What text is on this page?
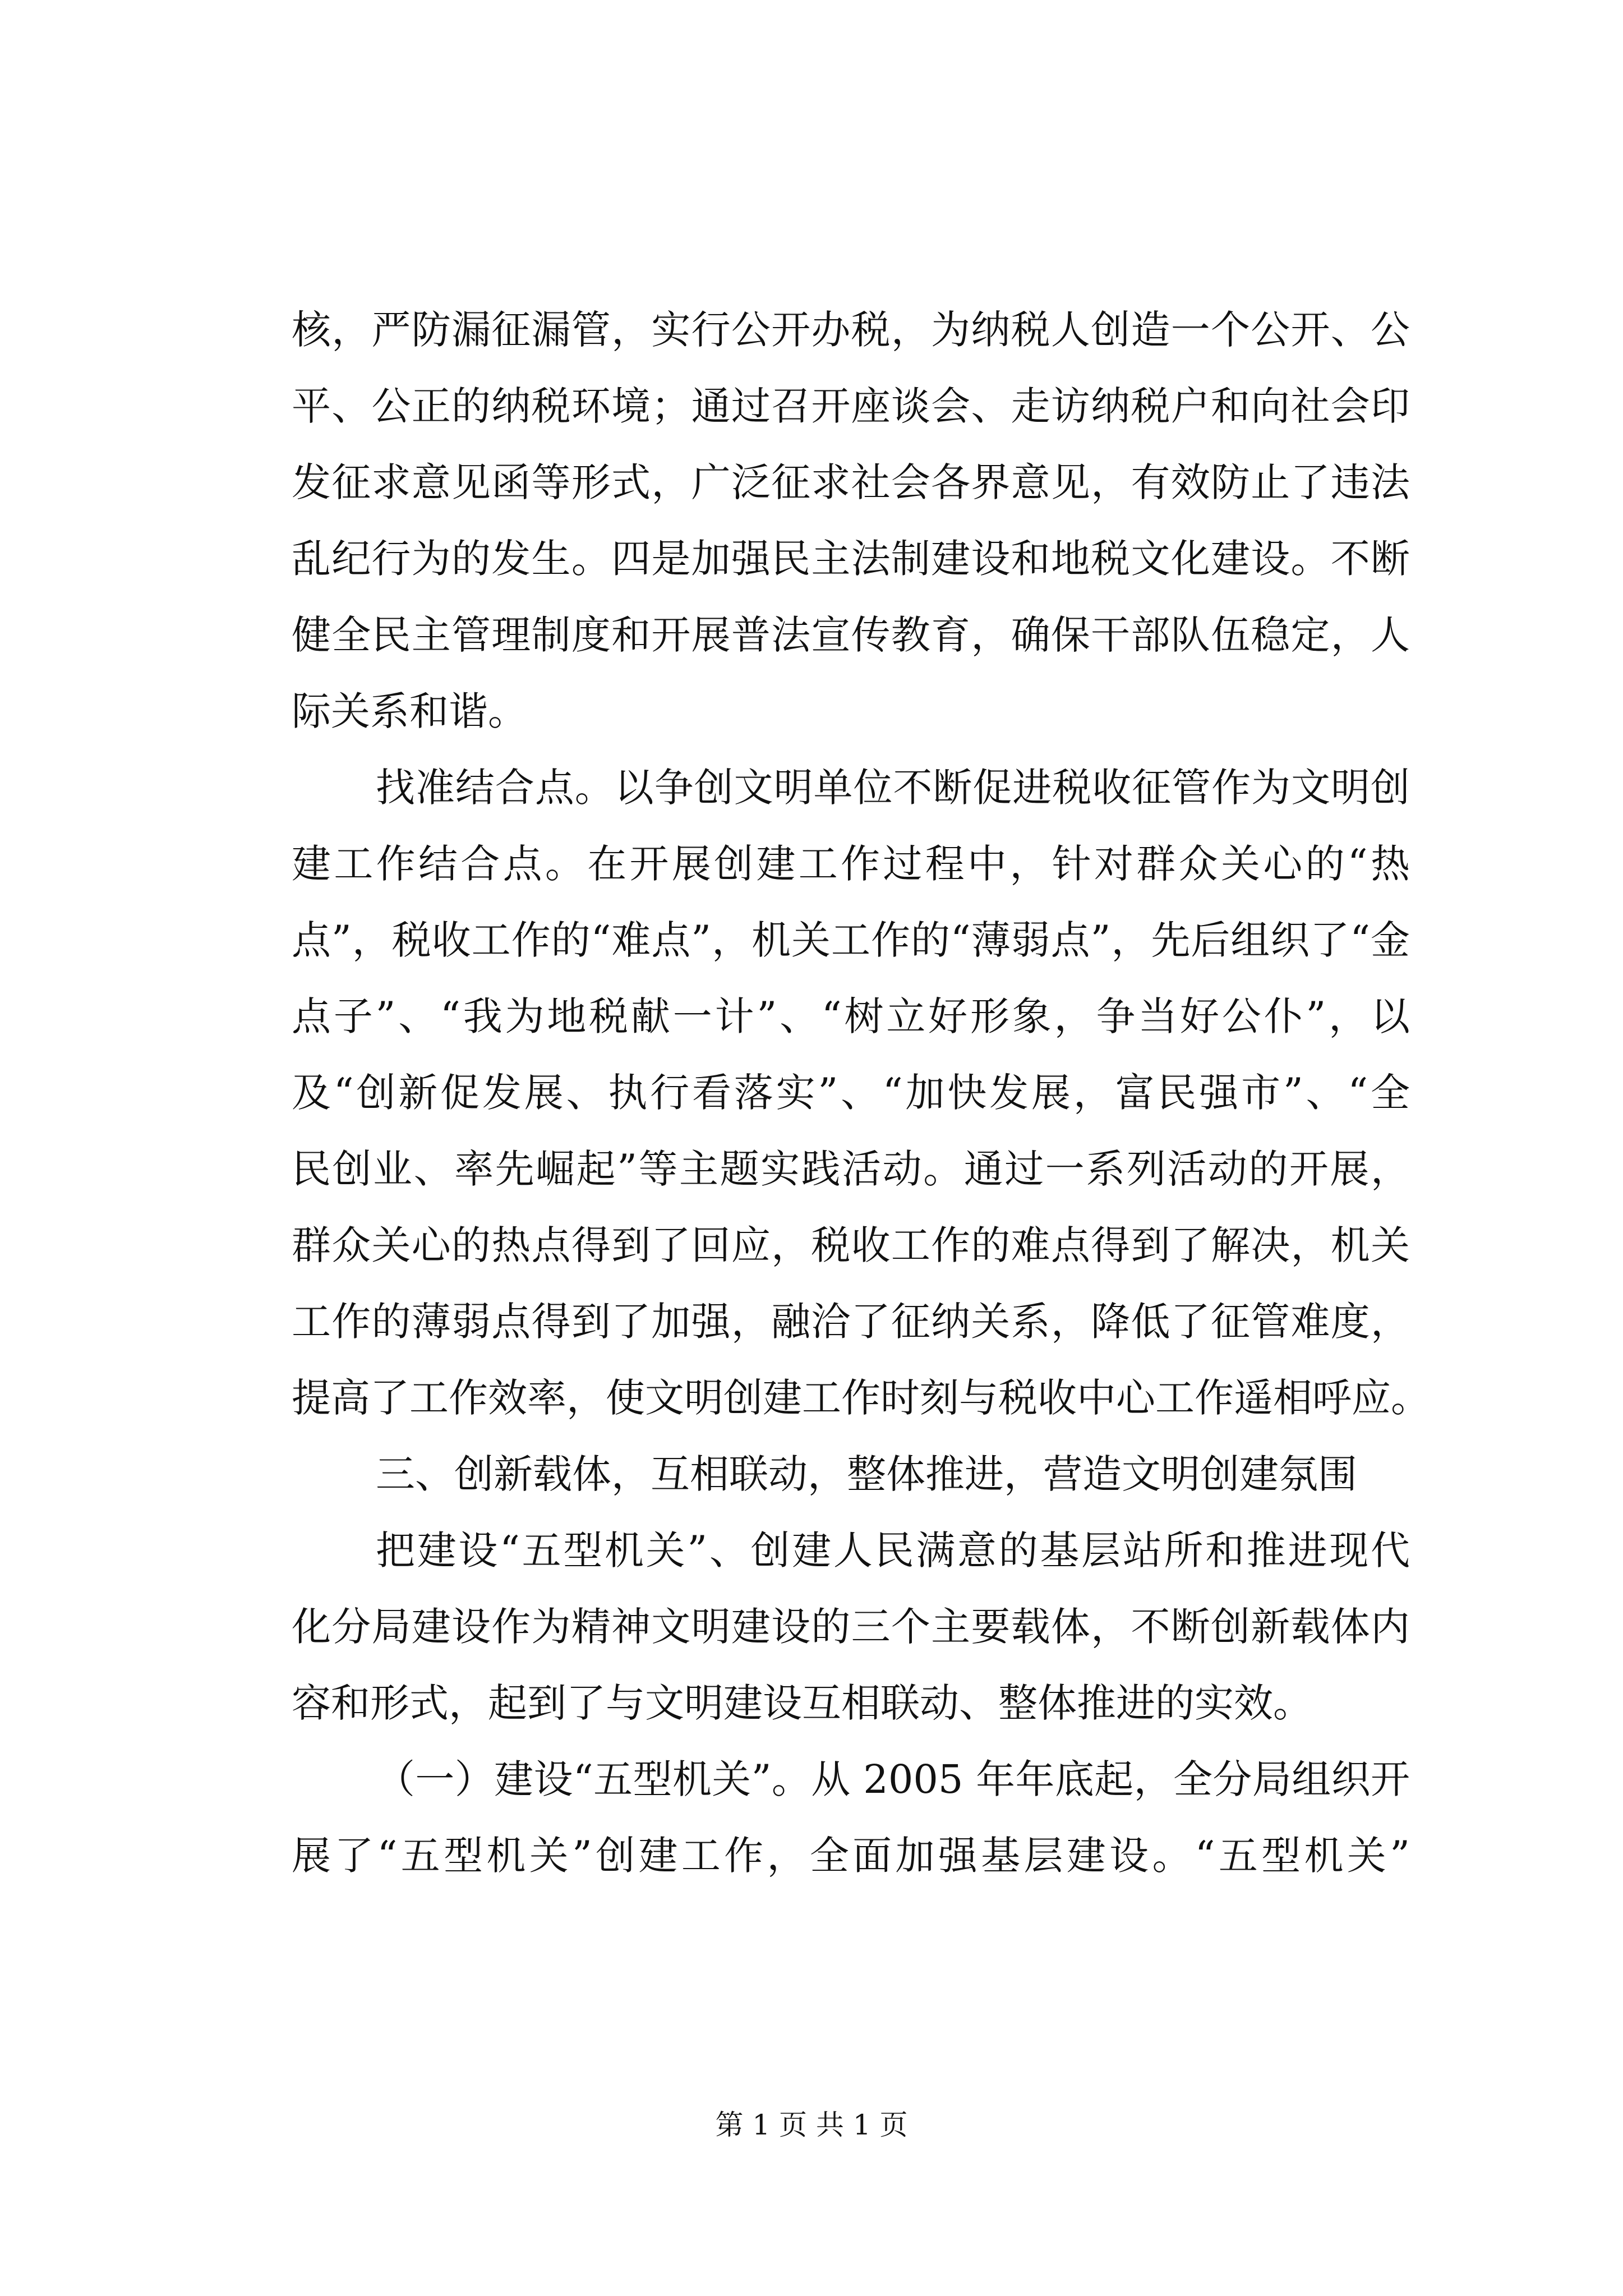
核，严防漏征漏管，实行公开办税，为纳税人创造一个公开、公
平、公正的纳税环境；通过召开座谈会、走访纳税户和向社会印
发征求意见函等形式，广泛征求社会各界意见，有效防止了违法
乱纪行为的发生。四是加强民主法制建设和地税文化建设。不断
健全民主管理制度和开展普法宣传教育，确保干部队伍稳定，人
际关系和谐。
找准结合点。以争创文明单位不断促进税收征管作为文明创
建工作结合点。在开展创建工作过程中，针对群众关心的“热
点”，税收工作的“难点”，机关工作的“薄弱点”，先后组织了“金
点子”、“我为地税献一计”、“树立好形象，争当好公仆”，以
及“创新促发展、执行看落实”、“加快发展，富民强市”、“全
民创业、率先崛起”等主题实践活动。通过一系列活动的开展，
群众关心的热点得到了回应，税收工作的难点得到了解决，机关
工作的薄弱点得到了加强，融洽了征纳关系，降低了征管难度，
提高了工作效率，使文明创建工作时刻与税收中心工作遥相呼应。
三、创新载体，互相联动，整体推进，营造文明创建氛围
把建设“五型机关”、创建人民满意的基层站所和推进现代
化分局建设作为精神文明建设的三个主要载体，不断创新载体内
容和形式，起到了与文明建设互相联动、整体推进的实效。
（一）建设“五型机关”。从 2005 年年底起，全分局组织开
展了“五型机关”创建工作，全面加强基层建设。“五型机关”
第 1 页 共 1 页
